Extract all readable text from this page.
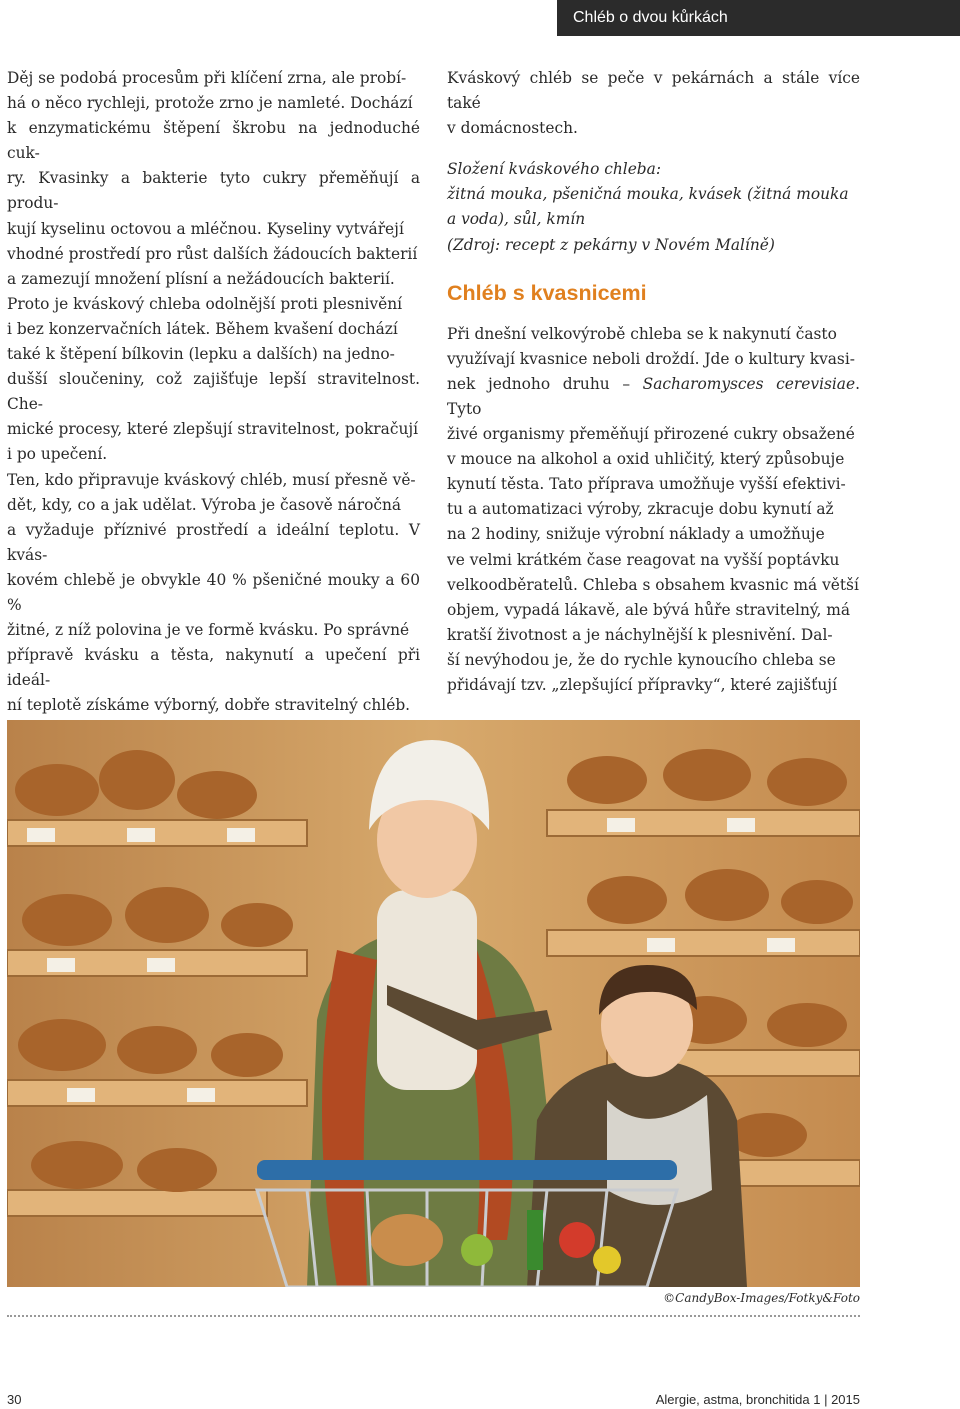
Chléb o dvou kůrkách

Děj se podobá procesům při klíčení zrna, ale probí-

há o něco rychleji, protože zrno je namleté. Dochází

k enzymatickému štěpení škrobu na jednoduché cuk-

ry. Kvasinky a bakterie tyto cukry přeměňují a produ-

kují kyselinu octovou a mléčnou. Kyseliny vytvářejí

vhodné prostředí pro růst dalších žádoucích bakterií

a zamezují množení plísní a nežádoucích bakterií.

Proto je kváskový chleba odolnější proti plesnivění

i bez konzervačních látek. Během kvašení dochází

také k štěpení bílkovin (lepku a dalších) na jedno-

dušší sloučeniny, což zajišťuje lepší stravitelnost. Che-

mické procesy, které zlepšují stravitelnost, pokračují

i po upečení.

Ten, kdo připravuje kváskový chléb, musí přesně vě-

dět, kdy, co a jak udělat. Výroba je časově náročná

a vyžaduje příznivé prostředí a ideální teplotu. V kvás-

kovém chlebě je obvykle 40 % pšeničné mouky a 60 %

žitné, z níž polovina je ve formě kvásku. Po správné

přípravě kvásku a těsta, nakynutí a upečení při ideál-

ní teplotě získáme výborný, dobře stravitelný chléb.

Kváskový chléb se peče v pekárnách a stále více také

v domácnostech.

Složení kváskového chleba:

žitná mouka, pšeničná mouka, kvásek (žitná mouka

a voda), sůl, kmín

(Zdroj: recept z pekárny v Novém Malíně)

Chléb s kvasnicemi

Při dnešní velkovýrobě chleba se k nakynutí často

využívají kvasnice neboli droždí. Jde o kultury kvasi-

nek jednoho druhu – Sacharomysces cerevisiae. Tyto

živé organismy přeměňují přirozené cukry obsažené

v mouce na alkohol a oxid uhličitý, který způsobuje

kynutí těsta. Tato příprava umožňuje vyšší efektivi-

tu a automatizaci výroby, zkracuje dobu kynutí až

na 2 hodiny, snižuje výrobní náklady a umožňuje

ve velmi krátkém čase reagovat na vyšší poptávku

velkoodběratelů. Chleba s obsahem kvasnic má větší

objem, vypadá lákavě, ale bývá hůře stravitelný, má

kratší životnost a je náchylnější k plesnivění. Dal-

ší nevýhodou je, že do rychle kynoucího chleba se

přidávají tzv. „zlepšující přípravky“, které zajišťují

©CandyBox-Images/Fotky&Foto
30	Alergie, astma, bronchitida 1 | 2015
